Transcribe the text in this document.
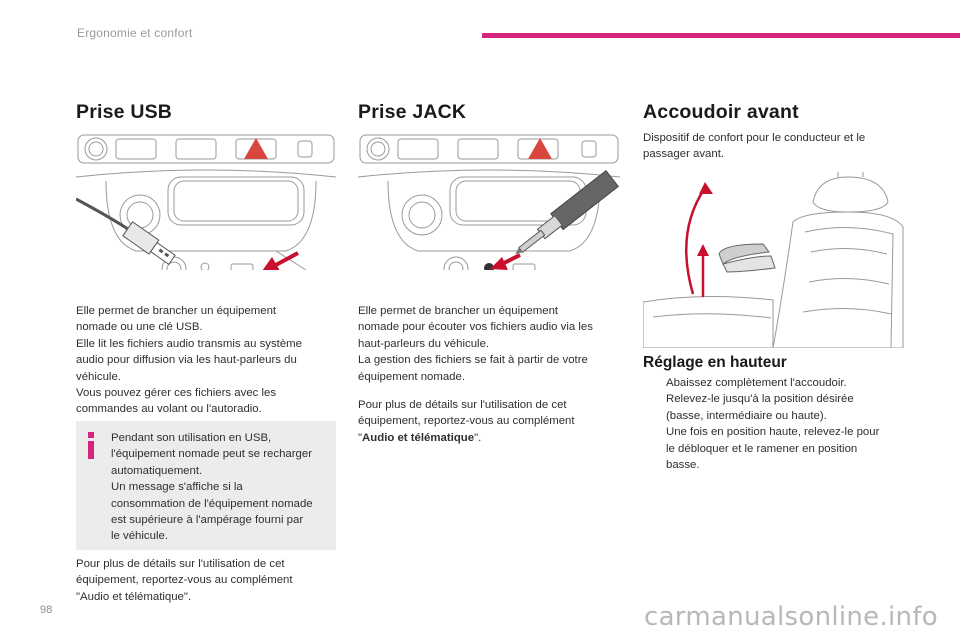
Ergonomie et confort
Prise USB

Elle permet de brancher un équipement

nomade ou une clé USB.

Elle lit les fichiers audio transmis au système

audio pour diffusion via les haut-parleurs du

véhicule.

Vous pouvez gérer ces fichiers avec les

commandes au volant ou l'autoradio.

Pendant son utilisation en USB,

l'équipement nomade peut se recharger

automatiquement.

Un message s'affiche si la

consommation de l'équipement nomade

est supérieure à l'ampérage fourni par

le véhicule.

Pour plus de détails sur l'utilisation de cet

équipement, reportez-vous au complément

"Audio et télématique".

Prise JACK

Elle permet de brancher un équipement

nomade pour écouter vos fichiers audio via les

haut-parleurs du véhicule.

La gestion des fichiers se fait à partir de votre

équipement nomade.

Pour plus de détails sur l'utilisation de cet

équipement, reportez-vous au complément

"Audio et télématique".

Accoudoir avant

Dispositif de confort pour le conducteur et le

passager avant.

Réglage en hauteur
Abaissez complètement l'accoudoir.
Relevez-le jusqu'à la position désirée
(basse, intermédiaire ou haute).
Une fois en position haute, relevez-le pour
le débloquer et le ramener en position
basse.
98	carmanualsonline.info
